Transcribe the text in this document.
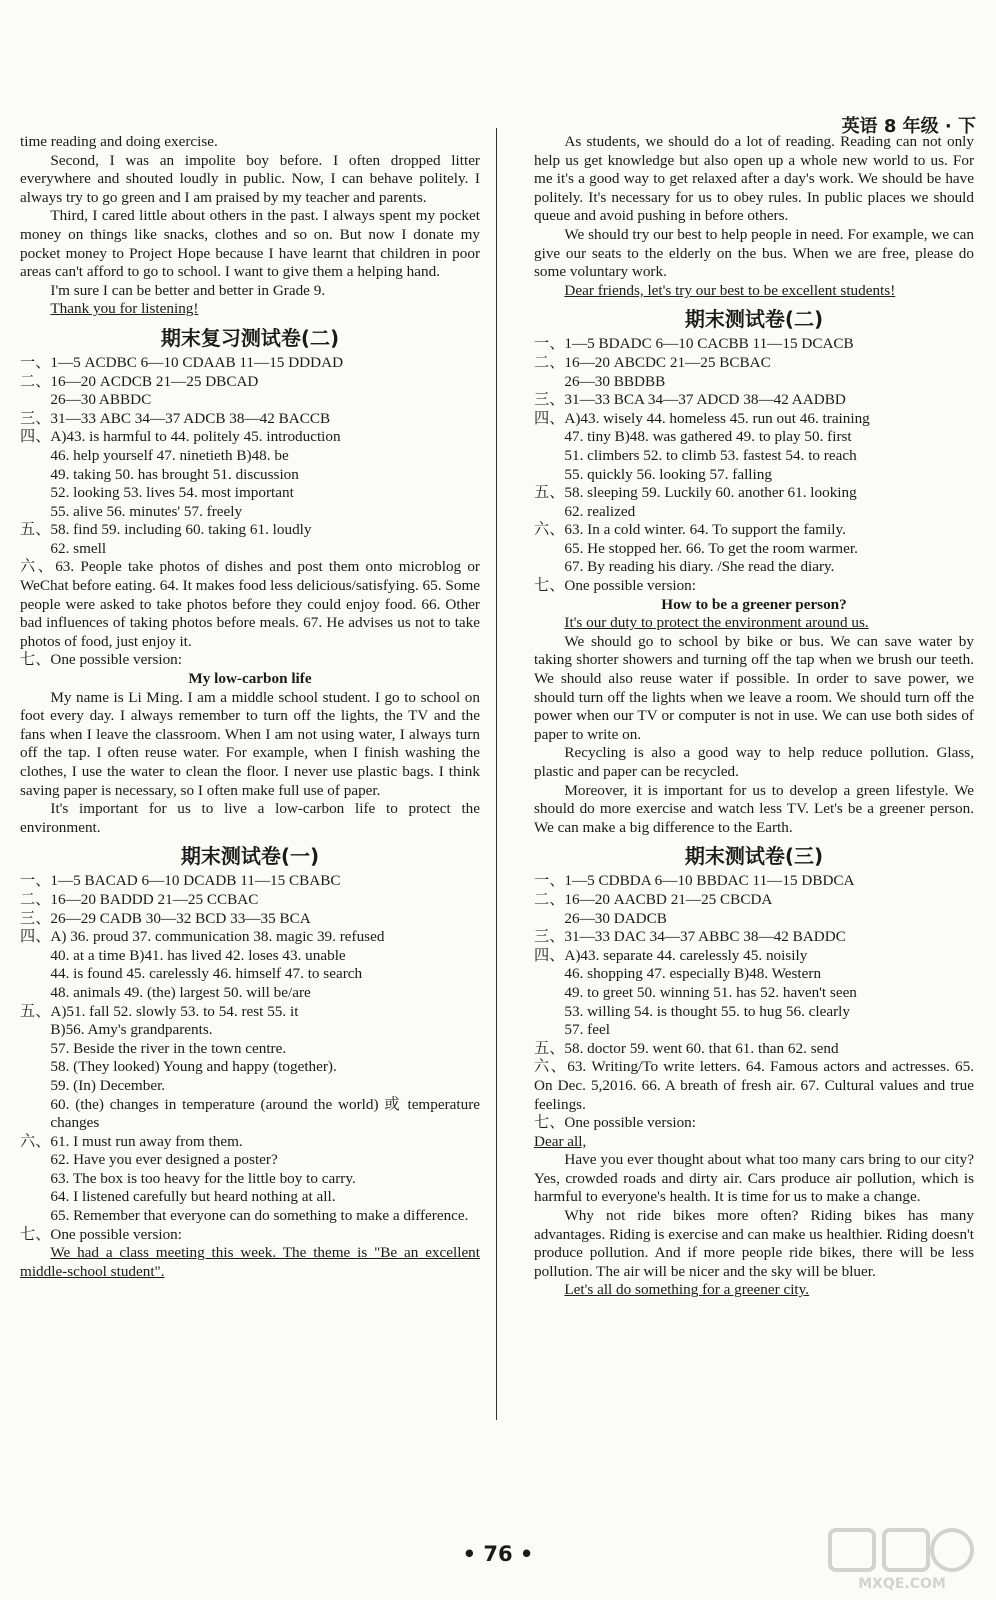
英语 8 年级 · 下

time reading and doing exercise.

Second, I was an impolite boy before. I often dropped litter everywhere and shouted loudly in public. Now, I can behave politely. I always try to go green and I am praised by my teacher and parents.

Third, I cared little about others in the past. I always spent my pocket money on things like snacks, clothes and so on. But now I donate my pocket money to Project Hope because I have learnt that children in poor areas can't afford to go to school. I want to give them a helping hand.

I'm sure I can be better and better in Grade 9.

Thank you for listening!

期末复习测试卷(二)

一、1—5 ACDBC 6—10 CDAAB 11—15 DDDAD

二、16—20 ACDCB 21—25 DBCAD

26—30 ABBDC

三、31—33 ABC 34—37 ADCB 38—42 BACCB

四、A)43. is harmful to 44. politely 45. introduction

46. help yourself 47. ninetieth B)48. be

49. taking 50. has brought 51. discussion

52. looking 53. lives 54. most important

55. alive 56. minutes' 57. freely

五、58. find 59. including 60. taking 61. loudly

62. smell

六、63. People take photos of dishes and post them onto microblog or WeChat before eating. 64. It makes food less delicious/satisfying. 65. Some people were asked to take photos before they could enjoy food. 66. Other bad influences of taking photos before meals. 67. He advises us not to take photos of food, just enjoy it.

七、One possible version:

My low-carbon life

My name is Li Ming. I am a middle school student. I go to school on foot every day. I always remember to turn off the lights, the TV and the fans when I leave the classroom. When I am not using water, I always turn off the tap. I often reuse water. For example, when I finish washing the clothes, I use the water to clean the floor. I never use plastic bags. I think saving paper is necessary, so I often make full use of paper.

It's important for us to live a low-carbon life to protect the environment.

期末测试卷(一)

一、1—5 BACAD 6—10 DCADB 11—15 CBABC

二、16—20 BADDD 21—25 CCBAC

三、26—29 CADB 30—32 BCD 33—35 BCA

四、A) 36. proud 37. communication 38. magic 39. refused

40. at a time B)41. has lived 42. loses 43. unable

44. is found 45. carelessly 46. himself 47. to search

48. animals 49. (the) largest 50. will be/are

五、A)51. fall 52. slowly 53. to 54. rest 55. it

B)56. Amy's grandparents.

57. Beside the river in the town centre.

58. (They looked) Young and happy (together).

59. (In) December.

60. (the) changes in temperature (around the world) 或 temperature changes

六、61. I must run away from them.

62. Have you ever designed a poster?

63. The box is too heavy for the little boy to carry.

64. I listened carefully but heard nothing at all.

65. Remember that everyone can do something to make a difference.

七、One possible version:

We had a class meeting this week. The theme is "Be an excellent middle-school student".

As students, we should do a lot of reading. Reading can not only help us get knowledge but also open up a whole new world to us. For me it's a good way to get relaxed after a day's work. We should be have politely. It's necessary for us to obey rules. In public places we should queue and avoid pushing in before others.

We should try our best to help people in need. For example, we can give our seats to the elderly on the bus. When we are free, please do some voluntary work.

Dear friends, let's try our best to be excellent students!

期末测试卷(二)

一、1—5 BDADC 6—10 CACBB 11—15 DCACB

二、16—20 ABCDC 21—25 BCBAC

26—30 BBDBB

三、31—33 BCA 34—37 ADCD 38—42 AADBD

四、A)43. wisely 44. homeless 45. run out 46. training

47. tiny B)48. was gathered 49. to play 50. first

51. climbers 52. to climb 53. fastest 54. to reach

55. quickly 56. looking 57. falling

五、58. sleeping 59. Luckily 60. another 61. looking

62. realized

六、63. In a cold winter. 64. To support the family.

65. He stopped her. 66. To get the room warmer.

67. By reading his diary. /She read the diary.

七、One possible version:

How to be a greener person?

It's our duty to protect the environment around us.

We should go to school by bike or bus. We can save water by taking shorter showers and turning off the tap when we brush our teeth. We should also reuse water if possible. In order to save power, we should turn off the lights when we leave a room. We should turn off the power when our TV or computer is not in use. We can use both sides of paper to write on.

Recycling is also a good way to help reduce pollution. Glass, plastic and paper can be recycled.

Moreover, it is important for us to develop a green lifestyle. We should do more exercise and watch less TV. Let's be a greener person. We can make a big difference to the Earth.

期末测试卷(三)

一、1—5 CDBDA 6—10 BBDAC 11—15 DBDCA

二、16—20 AACBD 21—25 CBCDA

26—30 DADCB

三、31—33 DAC 34—37 ABBC 38—42 BADDC

四、A)43. separate 44. carelessly 45. noisily

46. shopping 47. especially B)48. Western

49. to greet 50. winning 51. has 52. haven't seen

53. willing 54. is thought 55. to hug 56. clearly

57. feel

五、58. doctor 59. went 60. that 61. than 62. send

六、63. Writing/To write letters. 64. Famous actors and actresses. 65. On Dec. 5,2016. 66. A breath of fresh air. 67. Cultural values and true feelings.

七、One possible version:

Dear all,

Have you ever thought about what too many cars bring to our city? Yes, crowded roads and dirty air. Cars produce air pollution, which is harmful to everyone's health. It is time for us to make a change.

Why not ride bikes more often? Riding bikes has many advantages. Riding is exercise and can make us healthier. Riding doesn't produce pollution. And if more people ride bikes, there will be less pollution. The air will be nicer and the sky will be bluer.

Let's all do something for a greener city.

• 76 •
MXQE.COM
